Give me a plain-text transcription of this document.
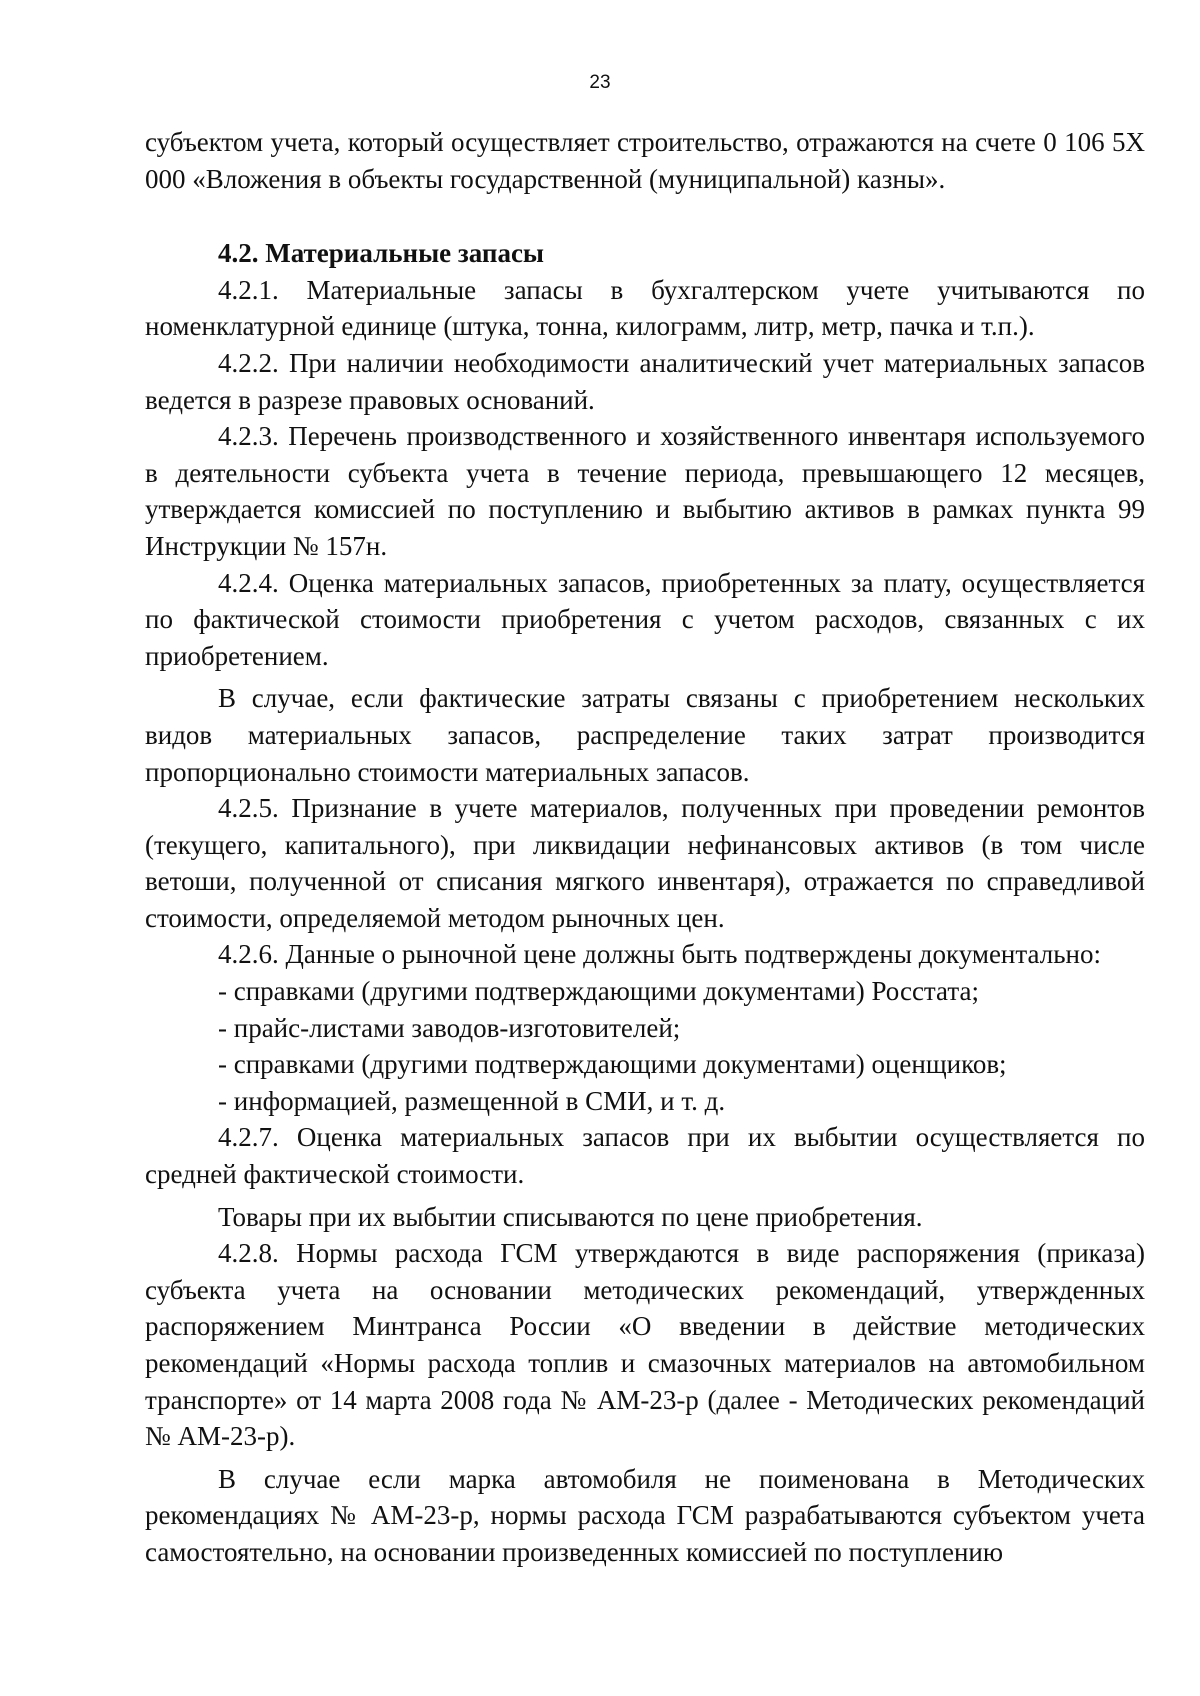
23

субъектом учета, который осуществляет строительство, отражаются на счете 0 106 5Х 000 «Вложения в объекты государственной (муниципальной) казны».

4.2. Материальные запасы

4.2.1. Материальные запасы в бухгалтерском учете учитываются по номенклатурной единице (штука, тонна, килограмм, литр, метр, пачка и т.п.).

4.2.2. При наличии необходимости аналитический учет материальных запасов ведется в разрезе правовых оснований.

4.2.3. Перечень производственного и хозяйственного инвентаря используемого в деятельности субъекта учета в течение периода, превышающего 12 месяцев, утверждается комиссией по поступлению и выбытию активов в рамках пункта 99 Инструкции № 157н.

4.2.4. Оценка материальных запасов, приобретенных за плату, осуществляется по фактической стоимости приобретения с учетом расходов, связанных с их приобретением.

В случае, если фактические затраты связаны с приобретением нескольких видов материальных запасов, распределение таких затрат производится пропорционально стоимости материальных запасов.

4.2.5. Признание в учете материалов, полученных при проведении ремонтов (текущего, капитального), при ликвидации нефинансовых активов (в том числе ветоши, полученной от списания мягкого инвентаря), отражается по справедливой стоимости, определяемой методом рыночных цен.

4.2.6. Данные о рыночной цене должны быть подтверждены документально:

- справками (другими подтверждающими документами) Росстата;

- прайс-листами заводов-изготовителей;

- справками (другими подтверждающими документами) оценщиков;

- информацией, размещенной в СМИ, и т. д.

4.2.7. Оценка материальных запасов при их выбытии осуществляется по средней фактической стоимости.

Товары при их выбытии списываются по цене приобретения.

4.2.8. Нормы расхода ГСМ утверждаются в виде распоряжения (приказа) субъекта учета на основании методических рекомендаций, утвержденных распоряжением Минтранса России «О введении в действие методических рекомендаций «Нормы расхода топлив и смазочных материалов на автомобильном транспорте» от 14 марта 2008 года № АМ-23-р (далее - Методических рекомендаций № АМ-23-р).

В случае если марка автомобиля не поименована в Методических рекомендациях № АМ-23-р, нормы расхода ГСМ разрабатываются субъектом учета самостоятельно, на основании произведенных комиссией по поступлению
